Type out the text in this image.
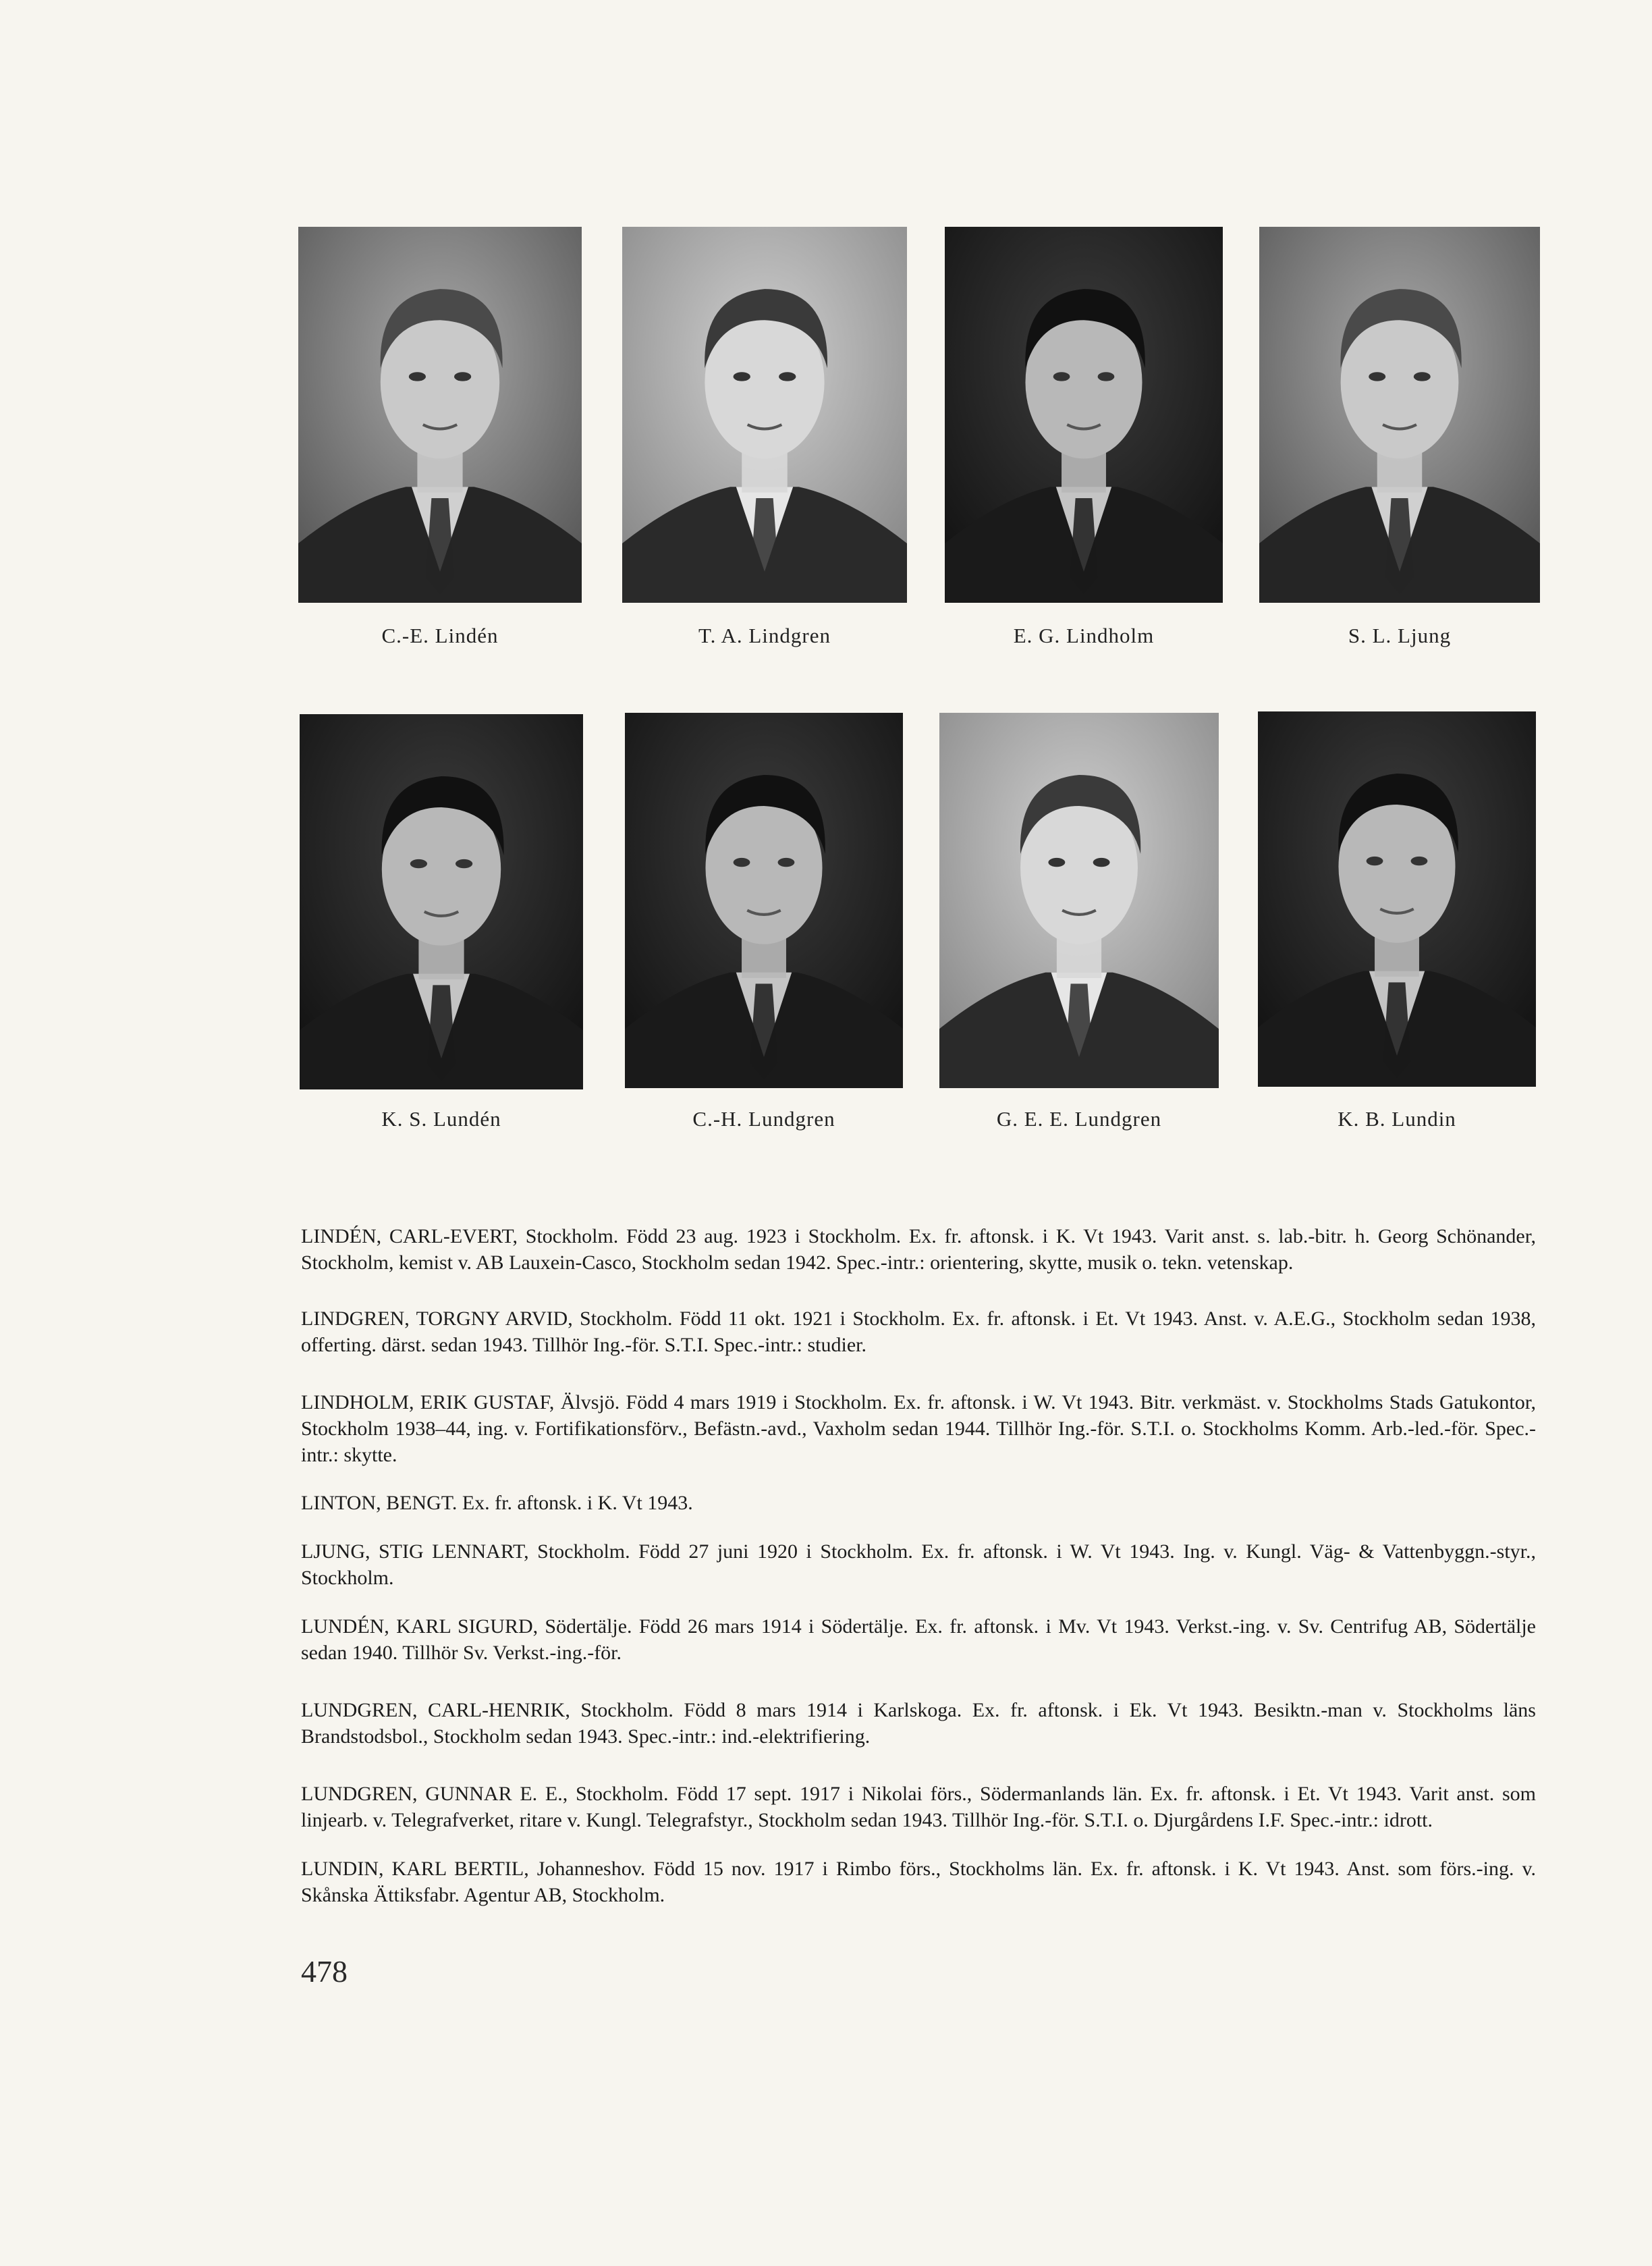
C.-E. Lindén	T. A. Lindgren	E. G. Lindholm	S. L. Ljung
K. S. Lundén	C.-H. Lundgren	G. E. E. Lundgren	K. B. Lundin

LINDÉN, CARL-EVERT, Stockholm. Född 23 aug. 1923 i Stockholm. Ex. fr. aftonsk. i K. Vt 1943. Varit anst. s. lab.-bitr. h. Georg Schönander, Stockholm, kemist v. AB Lauxein-Casco, Stockholm sedan 1942. Spec.-intr.: orientering, skytte, musik o. tekn. vetenskap.

LINDGREN, TORGNY ARVID, Stockholm. Född 11 okt. 1921 i Stockholm. Ex. fr. aftonsk. i Et. Vt 1943. Anst. v. A.E.G., Stockholm sedan 1938, offerting. därst. sedan 1943. Tillhör Ing.-för. S.T.I. Spec.-intr.: studier.

LINDHOLM, ERIK GUSTAF, Älvsjö. Född 4 mars 1919 i Stockholm. Ex. fr. aftonsk. i W. Vt 1943. Bitr. verkmäst. v. Stockholms Stads Gatukontor, Stockholm 1938–44, ing. v. Fortifikationsförv., Befästn.-avd., Vaxholm sedan 1944. Tillhör Ing.-för. S.T.I. o. Stockholms Komm. Arb.-led.-för. Spec.-intr.: skytte.

LINTON, BENGT. Ex. fr. aftonsk. i K. Vt 1943.

LJUNG, STIG LENNART, Stockholm. Född 27 juni 1920 i Stockholm. Ex. fr. aftonsk. i W. Vt 1943. Ing. v. Kungl. Väg- & Vattenbyggn.-styr., Stockholm.

LUNDÉN, KARL SIGURD, Södertälje. Född 26 mars 1914 i Södertälje. Ex. fr. aftonsk. i Mv. Vt 1943. Verkst.-ing. v. Sv. Centrifug AB, Södertälje sedan 1940. Tillhör Sv. Verkst.-ing.-för.

LUNDGREN, CARL-HENRIK, Stockholm. Född 8 mars 1914 i Karlskoga. Ex. fr. aftonsk. i Ek. Vt 1943. Besiktn.-man v. Stockholms läns Brandstodsbol., Stockholm sedan 1943. Spec.-intr.: ind.-elektrifiering.

LUNDGREN, GUNNAR E. E., Stockholm. Född 17 sept. 1917 i Nikolai förs., Södermanlands län. Ex. fr. aftonsk. i Et. Vt 1943. Varit anst. som linjearb. v. Telegrafverket, ritare v. Kungl. Telegrafstyr., Stockholm sedan 1943. Tillhör Ing.-för. S.T.I. o. Djurgårdens I.F. Spec.-intr.: idrott.

LUNDIN, KARL BERTIL, Johanneshov. Född 15 nov. 1917 i Rimbo förs., Stockholms län. Ex. fr. aftonsk. i K. Vt 1943. Anst. som förs.-ing. v. Skånska Ättiksfabr. Agentur AB, Stockholm.

478
